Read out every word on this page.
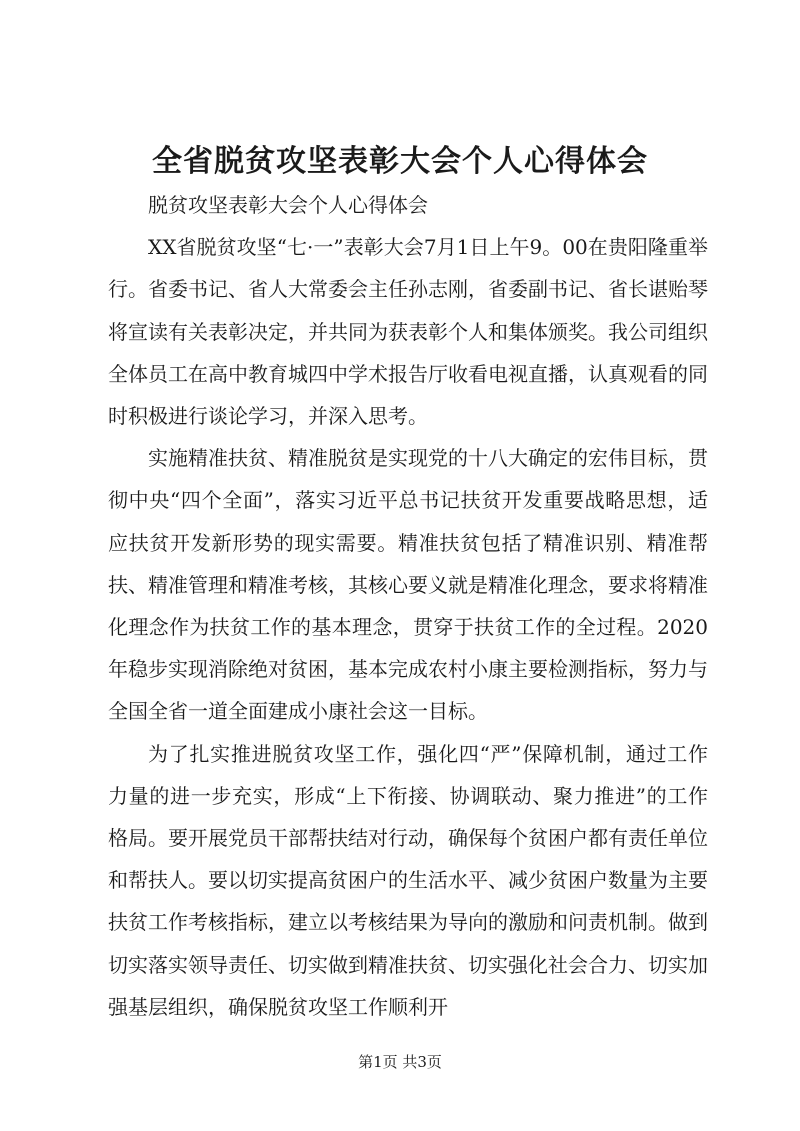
全省脱贫攻坚表彰大会个人心得体会

脱贫攻坚表彰大会个人心得体会

XX省脱贫攻坚“七·一”表彰大会7月1日上午9。00在贵阳隆重举行。省委书记、省人大常委会主任孙志刚，省委副书记、省长谌贻琴将宣读有关表彰决定，并共同为获表彰个人和集体颁奖。我公司组织全体员工在高中教育城四中学术报告厅收看电视直播，认真观看的同时积极进行谈论学习，并深入思考。

实施精准扶贫、精准脱贫是实现党的十八大确定的宏伟目标，贯彻中央“四个全面”，落实习近平总书记扶贫开发重要战略思想，适应扶贫开发新形势的现实需要。精准扶贫包括了精准识别、精准帮扶、精准管理和精准考核，其核心要义就是精准化理念，要求将精准化理念作为扶贫工作的基本理念，贯穿于扶贫工作的全过程。2020年稳步实现消除绝对贫困，基本完成农村小康主要检测指标，努力与全国全省一道全面建成小康社会这一目标。

为了扎实推进脱贫攻坚工作，强化四“严”保障机制，通过工作力量的进一步充实，形成“上下衔接、协调联动、聚力推进”的工作格局。要开展党员干部帮扶结对行动，确保每个贫困户都有责任单位和帮扶人。要以切实提高贫困户的生活水平、减少贫困户数量为主要扶贫工作考核指标，建立以考核结果为导向的激励和问责机制。做到切实落实领导责任、切实做到精准扶贫、切实强化社会合力、切实加强基层组织，确保脱贫攻坚工作顺利开

第1页 共3页
